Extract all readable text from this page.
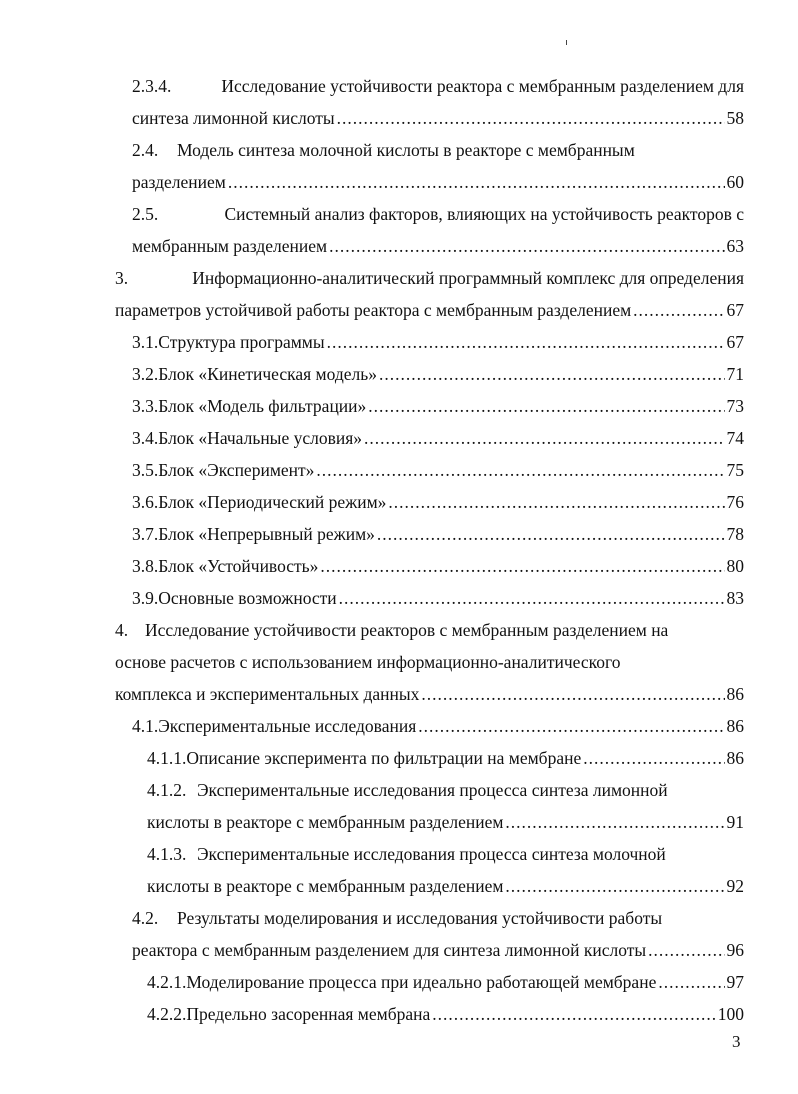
2.3.4.	Исследование устойчивости реактора с мембранным разделением для
синтеза лимонной кислоты .....	58
2.4.	Модель синтеза молочной кислоты в реакторе с мембранным
разделением .....	60
2.5.	Системный анализ факторов, влияющих на устойчивость реакторов с
мембранным разделением .....	63
3.	Информационно-аналитический программный комплекс для определения
параметров устойчивой работы реактора с мембранным разделением .....	67
3.1. Структура программы .....	67
3.2. Блок «Кинетическая модель» .....	71
3.3. Блок «Модель фильтрации» .....	73
3.4. Блок «Начальные условия» .....	74
3.5. Блок «Эксперимент» .....	75
3.6. Блок «Периодический режим» .....	76
3.7. Блок «Непрерывный режим» .....	78
3.8. Блок «Устойчивость» .....	80
3.9. Основные возможности .....	83
4. Исследование устойчивости реакторов с мембранным разделением на
основе расчетов с использованием информационно-аналитического
комплекса и экспериментальных данных .....	86
4.1. Экспериментальные исследования .....	86
4.1.1. Описание эксперимента по фильтрации на мембране .....	86
4.1.2. Экспериментальные исследования процесса синтеза лимонной
кислоты в реакторе с мембранным разделением .....	91
4.1.3. Экспериментальные исследования процесса синтеза молочной
кислоты в реакторе с мембранным разделением .....	92
4.2.	Результаты моделирования и исследования устойчивости работы
реактора с мембранным разделением для синтеза лимонной кислоты .....	96
4.2.1. Моделирование процесса при идеально работающей мембране .....	97
4.2.2. Предельно засоренная мембрана .....	100
3
